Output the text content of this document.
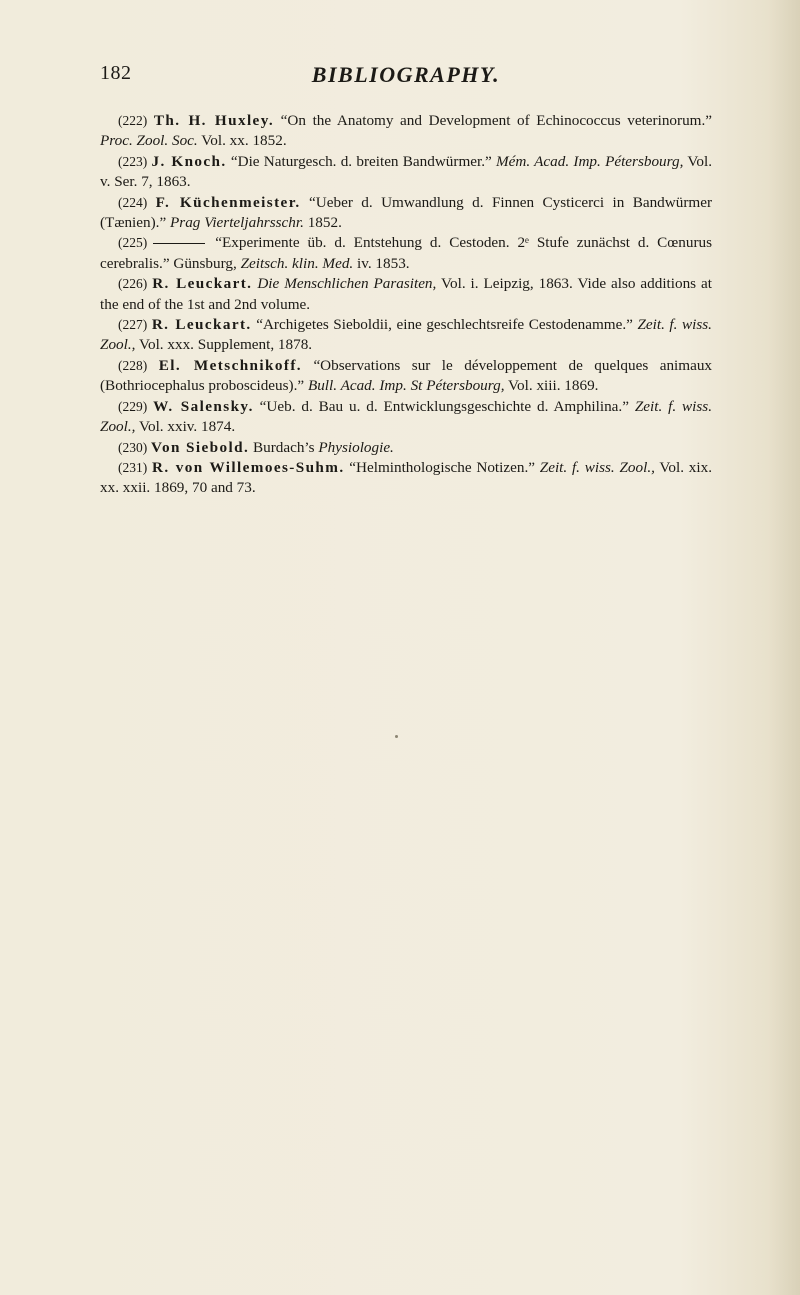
182	BIBLIOGRAPHY.

(222) Th. H. Huxley. “On the Anatomy and Development of Echinococcus veterinorum.” Proc. Zool. Soc. Vol. xx. 1852.

(223) J. Knoch. “Die Naturgesch. d. breiten Bandwürmer.” Mém. Acad. Imp. Pétersbourg, Vol. v. Ser. 7, 1863.

(224) F. Küchenmeister. “Ueber d. Umwandlung d. Finnen Cysticerci in Bandwürmer (Tænien).” Prag Vierteljahrsschr. 1852.

(225)	“Experimente üb. d. Entstehung d. Cestoden. 2ᵉ Stufe zunächst d. Cœnurus cerebralis.” Günsburg, Zeitsch. klin. Med. iv. 1853.

(226) R. Leuckart. Die Menschlichen Parasiten, Vol. i. Leipzig, 1863. Vide also additions at the end of the 1st and 2nd volume.

(227) R. Leuckart. “Archigetes Sieboldii, eine geschlechtsreife Cestodenamme.” Zeit. f. wiss. Zool., Vol. xxx. Supplement, 1878.

(228) El. Metschnikoff. “Observations sur le développement de quelques animaux (Bothriocephalus proboscideus).” Bull. Acad. Imp. St Pétersbourg, Vol. xiii. 1869.

(229) W. Salensky. “Ueb. d. Bau u. d. Entwicklungsgeschichte d. Amphilina.” Zeit. f. wiss. Zool., Vol. xxiv. 1874.

(230) Von Siebold. Burdach’s Physiologie.

(231) R. von Willemoes-Suhm. “Helminthologische Notizen.” Zeit. f. wiss. Zool., Vol. xix. xx. xxii. 1869, 70 and 73.
